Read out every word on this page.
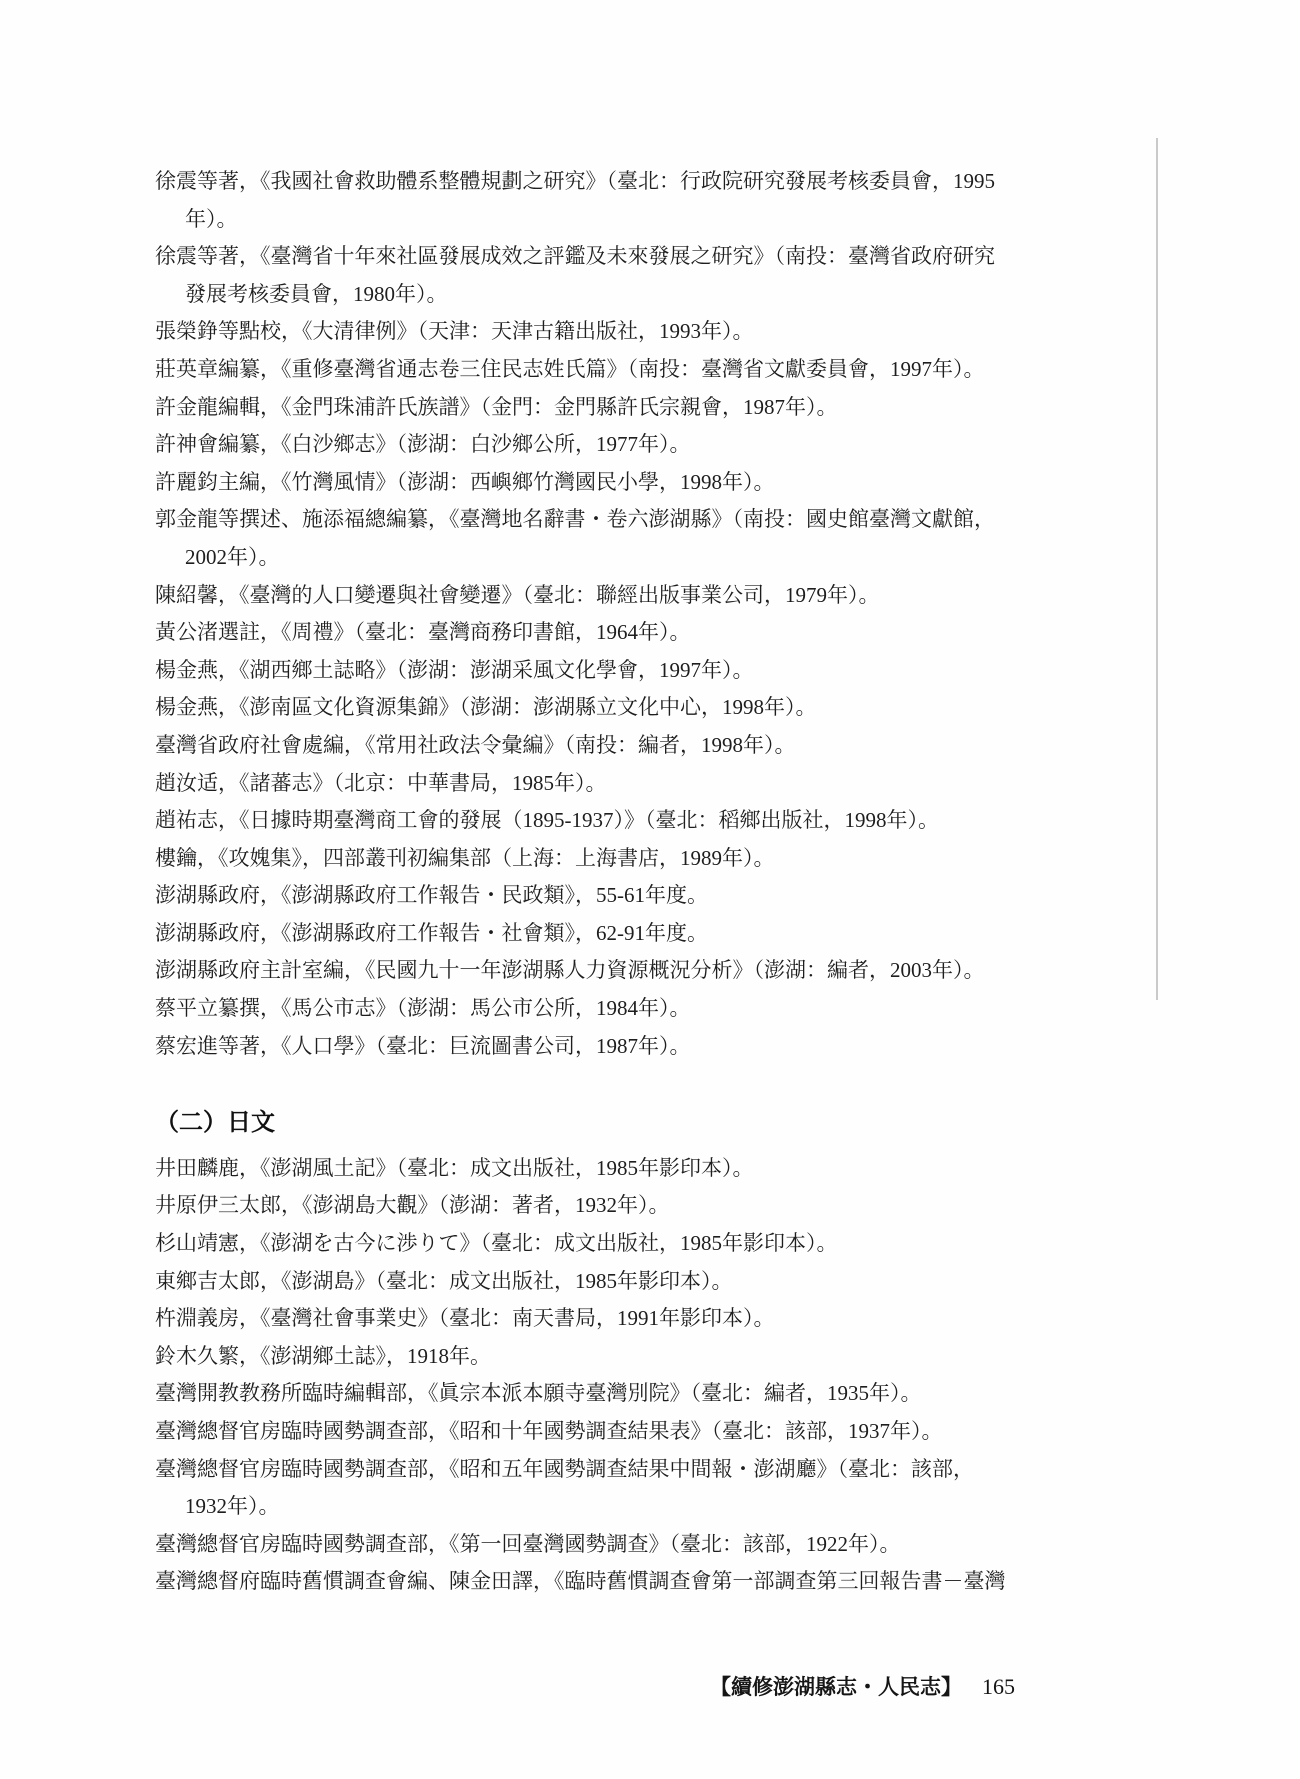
徐震等著，《我國社會救助體系整體規劃之研究》（臺北：行政院研究發展考核委員會，1995
年）。
徐震等著，《臺灣省十年來社區發展成效之評鑑及未來發展之研究》（南投：臺灣省政府研究
發展考核委員會，1980年）。
張榮錚等點校，《大清律例》（天津：天津古籍出版社，1993年）。
莊英章編纂，《重修臺灣省通志卷三住民志姓氏篇》（南投：臺灣省文獻委員會，1997年）。
許金龍編輯，《金門珠浦許氏族譜》（金門：金門縣許氏宗親會，1987年）。
許神會編纂，《白沙鄉志》（澎湖：白沙鄉公所，1977年）。
許麗鈞主編，《竹灣風情》（澎湖：西嶼鄉竹灣國民小學，1998年）。
郭金龍等撰述、施添福總編纂，《臺灣地名辭書・卷六澎湖縣》（南投：國史館臺灣文獻館，
2002年）。
陳紹馨，《臺灣的人口變遷與社會變遷》（臺北：聯經出版事業公司，1979年）。
黃公渚選註，《周禮》（臺北：臺灣商務印書館，1964年）。
楊金燕，《湖西鄉土誌略》（澎湖：澎湖采風文化學會，1997年）。
楊金燕，《澎南區文化資源集錦》（澎湖：澎湖縣立文化中心，1998年）。
臺灣省政府社會處編，《常用社政法令彙編》（南投：編者，1998年）。
趙汝适，《諸蕃志》（北京：中華書局，1985年）。
趙祐志，《日據時期臺灣商工會的發展（1895-1937）》（臺北：稻鄉出版社，1998年）。
樓鑰，《攻媿集》，四部叢刊初編集部（上海：上海書店，1989年）。
澎湖縣政府，《澎湖縣政府工作報告・民政類》，55-61年度。
澎湖縣政府，《澎湖縣政府工作報告・社會類》，62-91年度。
澎湖縣政府主計室編，《民國九十一年澎湖縣人力資源概況分析》（澎湖：編者，2003年）。
蔡平立纂撰，《馬公市志》（澎湖：馬公市公所，1984年）。
蔡宏進等著，《人口學》（臺北：巨流圖書公司，1987年）。
（二）日文
井田麟鹿，《澎湖風土記》（臺北：成文出版社，1985年影印本）。
井原伊三太郎，《澎湖島大觀》（澎湖：著者，1932年）。
杉山靖憲，《澎湖を古今に渉りて》（臺北：成文出版社，1985年影印本）。
東鄉吉太郎，《澎湖島》（臺北：成文出版社，1985年影印本）。
杵淵義房，《臺灣社會事業史》（臺北：南天書局，1991年影印本）。
鈴木久繁，《澎湖鄉土誌》，1918年。
臺灣開教教務所臨時編輯部，《眞宗本派本願寺臺灣別院》（臺北：編者，1935年）。
臺灣總督官房臨時國勢調查部，《昭和十年國勢調查結果表》（臺北：該部，1937年）。
臺灣總督官房臨時國勢調查部，《昭和五年國勢調查結果中間報・澎湖廳》（臺北：該部，
1932年）。
臺灣總督官房臨時國勢調查部，《第一回臺灣國勢調查》（臺北：該部，1922年）。
臺灣總督府臨時舊慣調查會編、陳金田譯，《臨時舊慣調查會第一部調查第三回報告書－臺灣
【續修澎湖縣志・人民志】 165
